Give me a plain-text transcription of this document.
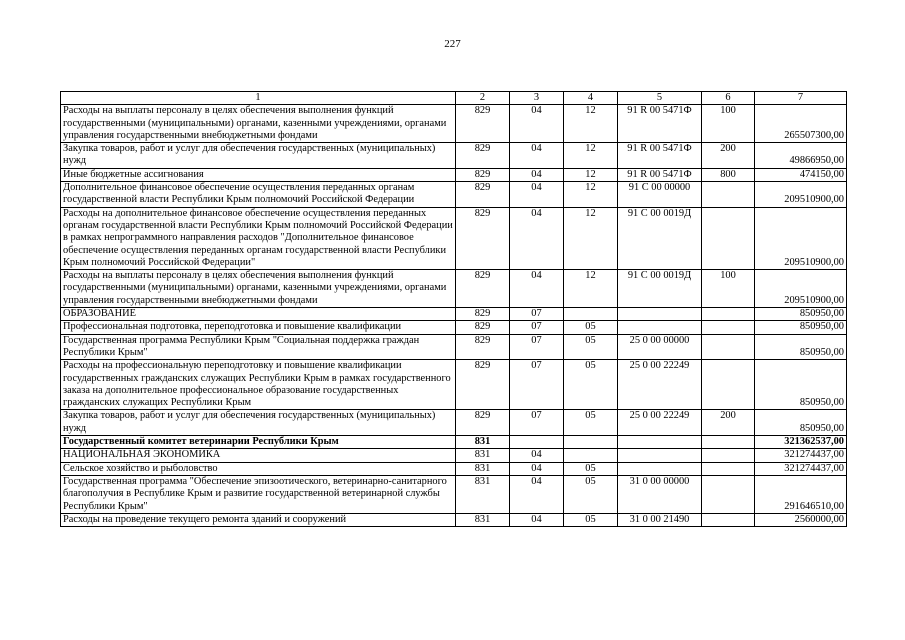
227
1	2	3	4	5	6	7
Расходы на выплаты персоналу в целях обеспечения выполнения функций государственными (муниципальными) органами, казенными учреждениями, органами управления государственными внебюджетными фондами	829	04	12	91 R 00 5471Ф	100	265507300,00
Закупка товаров, работ и услуг для обеспечения государственных (муниципальных) нужд	829	04	12	91 R 00 5471Ф	200	49866950,00
Иные бюджетные ассигнования	829	04	12	91 R 00 5471Ф	800	474150,00
Дополнительное финансовое обеспечение осуществления переданных органам государственной власти Республики Крым полномочий Российской Федерации	829	04	12	91 С 00 00000		209510900,00
Расходы на дополнительное финансовое обеспечение осуществления переданных органам государственной власти Республики Крым полномочий Российской Федерации в рамках непрограммного направления расходов "Дополнительное финансовое обеспечение осуществления переданных органам государственной власти Республики Крым полномочий Российской Федерации"	829	04	12	91 С 00 0019Д		209510900,00
Расходы на выплаты персоналу в целях обеспечения выполнения функций государственными (муниципальными) органами, казенными учреждениями, органами управления государственными внебюджетными фондами	829	04	12	91 С 00 0019Д	100	209510900,00
ОБРАЗОВАНИЕ	829	07				850950,00
Профессиональная подготовка, переподготовка и повышение квалификации	829	07	05			850950,00
Государственная программа Республики Крым "Социальная поддержка граждан Республики Крым"	829	07	05	25 0 00 00000		850950,00
Расходы на профессиональную переподготовку и повышение квалификации государственных гражданских служащих Республики Крым в рамках государственного заказа на дополнительное профессиональное образование государственных гражданских служащих Республики Крым	829	07	05	25 0 00 22249		850950,00
Закупка товаров, работ и услуг для обеспечения государственных (муниципальных) нужд	829	07	05	25 0 00 22249	200	850950,00
Государственный комитет ветеринарии Республики Крым	831					321362537,00
НАЦИОНАЛЬНАЯ ЭКОНОМИКА	831	04				321274437,00
Сельское хозяйство и рыболовство	831	04	05			321274437,00
Государственная программа "Обеспечение эпизоотического, ветеринарно-санитарного благополучия в Республике Крым и развитие государственной ветеринарной службы Республики Крым"	831	04	05	31 0 00 00000		291646510,00
Расходы на проведение текущего ремонта зданий и сооружений	831	04	05	31 0 00 21490		2560000,00
